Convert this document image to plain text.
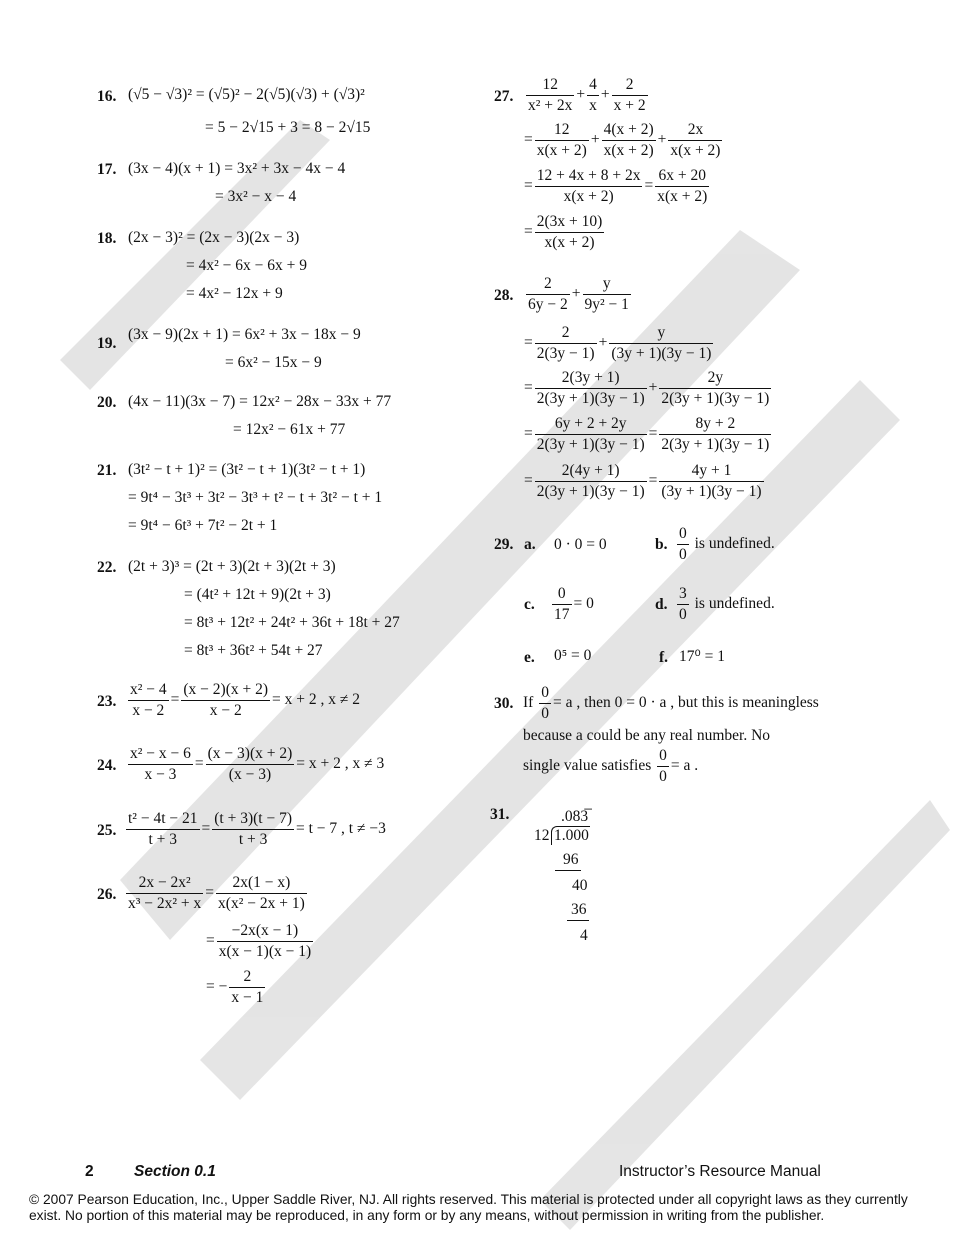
16. (√5 − √3)² = (√5)² − 2(√5)(√3) + (√3)²
= 5 − 2√15 + 3 = 8 − 2√15
17. (3x − 4)(x + 1) = 3x² + 3x − 4x − 4
= 3x² − x − 4
18. (2x − 3)² = (2x − 3)(2x − 3)
= 4x² − 6x − 6x + 9
= 4x² − 12x + 9
19.
(3x − 9)(2x + 1) = 6x² + 3x − 18x − 9
= 6x² − 15x − 9
20. (4x − 11)(3x − 7) = 12x² − 28x − 33x + 77
= 12x² − 61x + 77
21. (3t² − t + 1)² = (3t² − t + 1)(3t² − t + 1)
= 9t⁴ − 3t³ + 3t² − 3t³ + t² − t + 3t² − t + 1
= 9t⁴ − 6t³ + 7t² − 2t + 1
22. (2t + 3)³ = (2t + 3)(2t + 3)(2t + 3)
= (4t² + 12t + 9)(2t + 3)
= 8t³ + 12t² + 24t² + 36t + 18t + 27
= 8t³ + 36t² + 54t + 27
23. $\frac{\text{x² − 4}}{x - 2} = \frac{(x - 2)(x + 2)}{x - 2} = x + 2$ , x ≠ 2
24. $\frac{\text{x² − x − 6}}{x - 3} = \frac{(x - 3)(x + 2)}{(x - 3)} = x + 2$ , x ≠ 3
25. $\frac{\text{t² − 4t − 21}}{t + 3} = \frac{(t + 3)(t - 7)}{t + 3} = t - 7$ , t ≠ −3
26. $\frac{\text{2x − 2x²}}{\text{x³ − 2x² + x}} = \frac{2x(1 - x)}{\text{x(x² − 2x + 1)}}$
= $\frac{-2x(x - 1)}{x(x - 1)(x - 1)}$
= − $\frac{2}{x - 1}$
27. $\frac{12}{\text{x² + 2x}} + \frac{4}{x} + \frac{2}{x + 2}$
= $\frac{12}{x(x + 2)} + \frac{4(x + 2)}{x(x + 2)} + \frac{2x}{x(x + 2)}$
= $\frac{12 + 4x + 8 + 2x}{x(x + 2)} = \frac{6x + 20}{x(x + 2)}$
= $\frac{2(3x + 10)}{x(x + 2)}$
28. $\frac{2}{6y - 2} + \frac{y}{\text{9y² − 1}}$
= $\frac{2}{2(3y - 1)} + \frac{y}{(3y + 1)(3y - 1)}$
= $\frac{2(3y + 1)}{2(3y + 1)(3y - 1)} + \frac{2y}{2(3y + 1)(3y - 1)}$
= $\frac{6y + 2 + 2y}{2(3y + 1)(3y - 1)} = \frac{8y + 2}{2(3y + 1)(3y - 1)}$
= $\frac{2(4y + 1)}{2(3y + 1)(3y - 1)} = \frac{4y + 1}{(3y + 1)(3y - 1)}$
29. a. 0 · 0 = 0	b. $\frac{0}{0}$ is undefined.
c. $\frac{0}{17} = 0$	d. $\frac{3}{0}$ is undefined.
e. 0⁵ = 0	f. 17⁰ = 1
30. If $\frac{0}{0} = a$ , then 0 = 0 · a , but this is meaningless
because a could be any real number. No
single value satisfies $\frac{0}{0} = a$ .
31.	.083̅
12 1.000
96
40
36
4
2	Section 0.1	Instructor’s Resource Manual
© 2007 Pearson Education, Inc., Upper Saddle River, NJ. All rights reserved. This material is protected under all copyright laws as they currently exist. No portion of this material may be reproduced, in any form or by any means, without permission in writing from the publisher.
